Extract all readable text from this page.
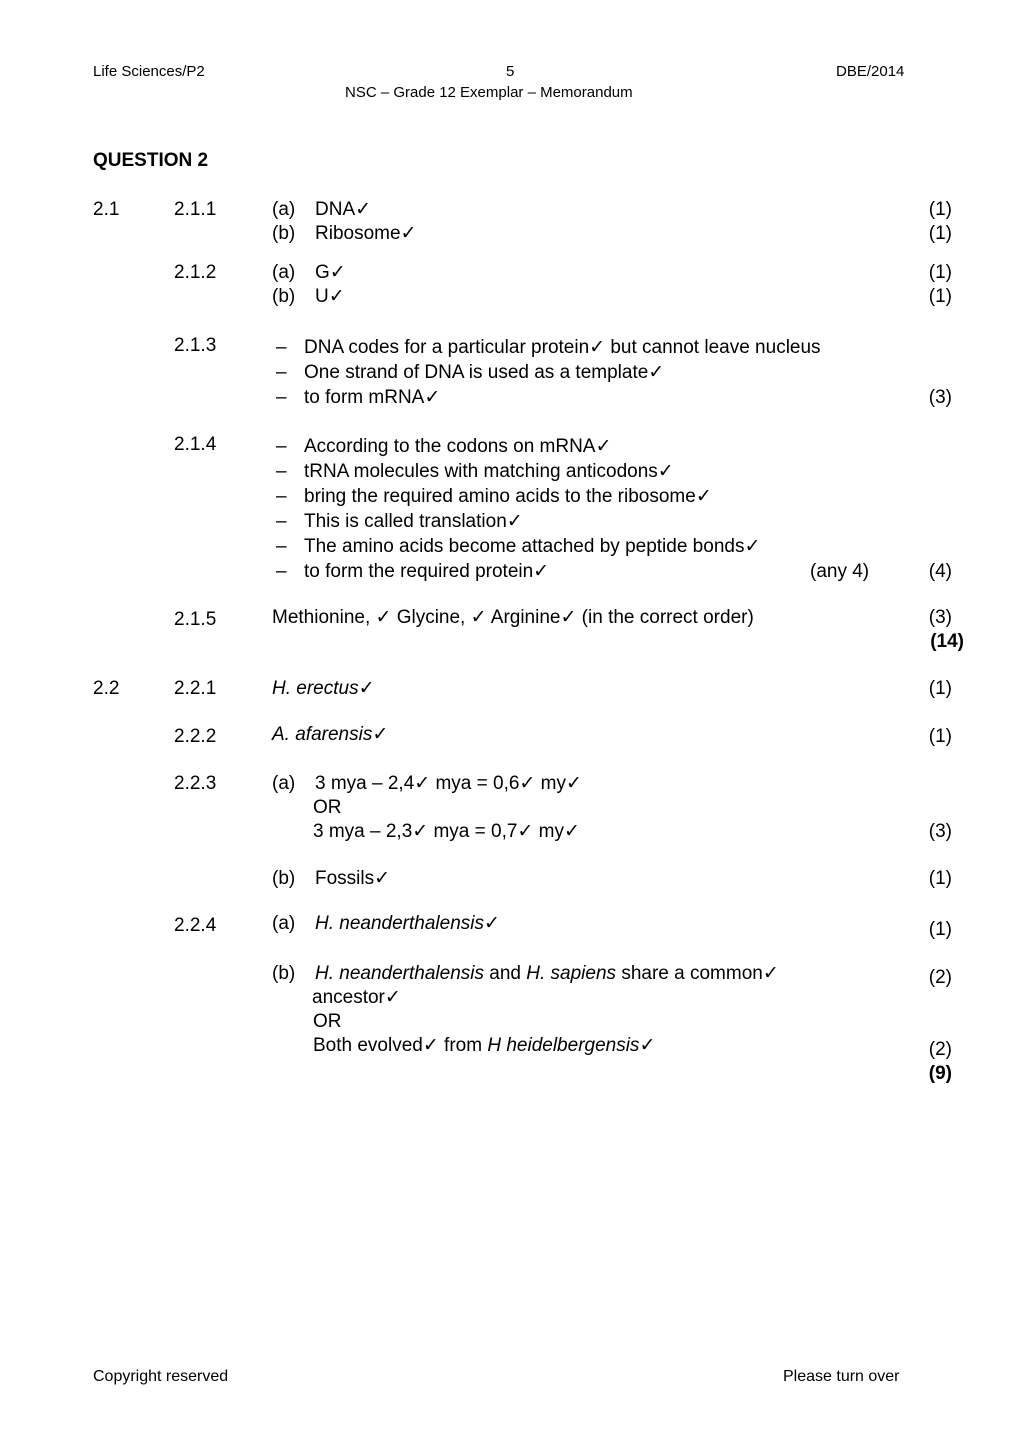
Life Sciences/P2	5	DBE/2014
NSC – Grade 12 Exemplar – Memorandum
QUESTION 2
2.1	2.1.1	(a) DNA✓	(1)
(b) Ribosome✓	(1)
2.1.2	(a) G✓	(1)
(b) U✓	(1)
2.1.3	– DNA codes for a particular protein✓ but cannot leave nucleus
– One strand of DNA is used as a template✓
– to form mRNA✓	(3)
2.1.4	– According to the codons on mRNA✓
– tRNA molecules with matching anticodons✓
– bring the required amino acids to the ribosome✓
– This is called translation✓
– The amino acids become attached by peptide bonds✓
– to form the required protein✓	(any 4)	(4)
2.1.5	Methionine, ✓ Glycine, ✓ Arginine✓ (in the correct order)	(3)
(14)
2.2	2.2.1	H. erectus✓	(1)
2.2.2	A. afarensis✓	(1)
2.2.3	(a) 3 mya – 2,4✓ mya = 0,6✓ my✓
OR
3 mya – 2,3✓ mya = 0,7✓ my✓	(3)
(b) Fossils✓	(1)
2.2.4	(a) H. neanderthalensis✓	(1)
(b) H. neanderthalensis and H. sapiens share a common✓	(2)
ancestor✓
OR
Both evolved✓ from H heidelbergensis✓	(2)
(9)
Copyright reserved	Please turn over
